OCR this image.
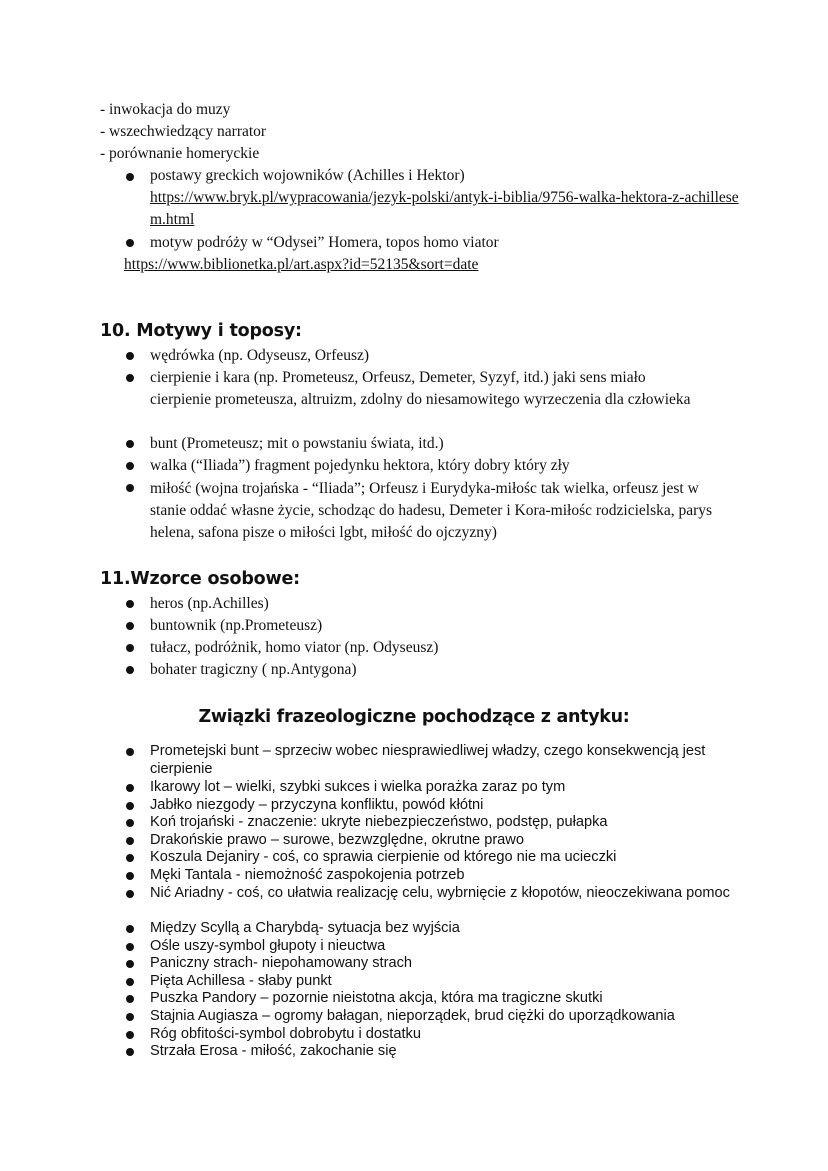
- inwokacja do muzy
- wszechwiedzący narrator
- porównanie homeryckie
postawy greckich wojowników (Achilles i Hektor)
https://www.bryk.pl/wypracowania/jezyk-polski/antyk-i-biblia/9756-walka-hektora-z-achillesem.html
motyw podróży w “Odysei” Homera, topos homo viator
https://www.biblionetka.pl/art.aspx?id=52135&sort=date
10. Motywy i toposy:
wędrówka (np. Odyseusz, Orfeusz)
cierpienie i kara (np. Prometeusz, Orfeusz, Demeter, Syzyf, itd.) jaki sens miało cierpienie prometeusza, altruizm, zdolny do niesamowitego wyrzeczenia dla człowieka
bunt (Prometeusz; mit o powstaniu świata, itd.)
walka (“Iliada”) fragment pojedynku hektora, który dobry który zły
miłość (wojna trojańska - “Iliada”; Orfeusz i Eurydyka-miłośc tak wielka, orfeusz jest w stanie oddać własne życie, schodząc do hadesu, Demeter i Kora-miłośc rodzicielska, parys helena, safona pisze o miłości lgbt, miłość do ojczyzny)
11.Wzorce osobowe:
heros (np.Achilles)
buntownik (np.Prometeusz)
tułacz, podróżnik, homo viator (np. Odyseusz)
bohater tragiczny ( np.Antygona)
Związki frazeologiczne pochodzące z antyku:
Prometejski bunt – sprzeciw wobec niesprawiedliwej władzy, czego konsekwencją jest cierpienie
Ikarowy lot – wielki, szybki sukces i wielka porażka zaraz po tym
Jabłko niezgody – przyczyna konfliktu, powód kłótni
Koń trojański - znaczenie: ukryte niebezpieczeństwo, podstęp, pułapka
Drakońskie prawo – surowe, bezwzględne, okrutne prawo
Koszula Dejaniry - coś, co sprawia cierpienie od którego nie ma ucieczki
Męki Tantala - niemożność zaspokojenia potrzeb
Nić Ariadny - coś, co ułatwia realizację celu, wybrnięcie z kłopotów, nieoczekiwana pomoc
Między Scyllą a Charybdą- sytuacja bez wyjścia
Ośle uszy-symbol głupoty i nieuctwa
Paniczny strach- niepohamowany strach
Pięta Achillesa - słaby punkt
Puszka Pandory – pozornie nieistotna akcja, która ma tragiczne skutki
Stajnia Augiasza – ogromy bałagan, nieporządek, brud ciężki do uporządkowania
Róg obfitości-symbol dobrobytu i dostatku
Strzała Erosa - miłość, zakochanie się
